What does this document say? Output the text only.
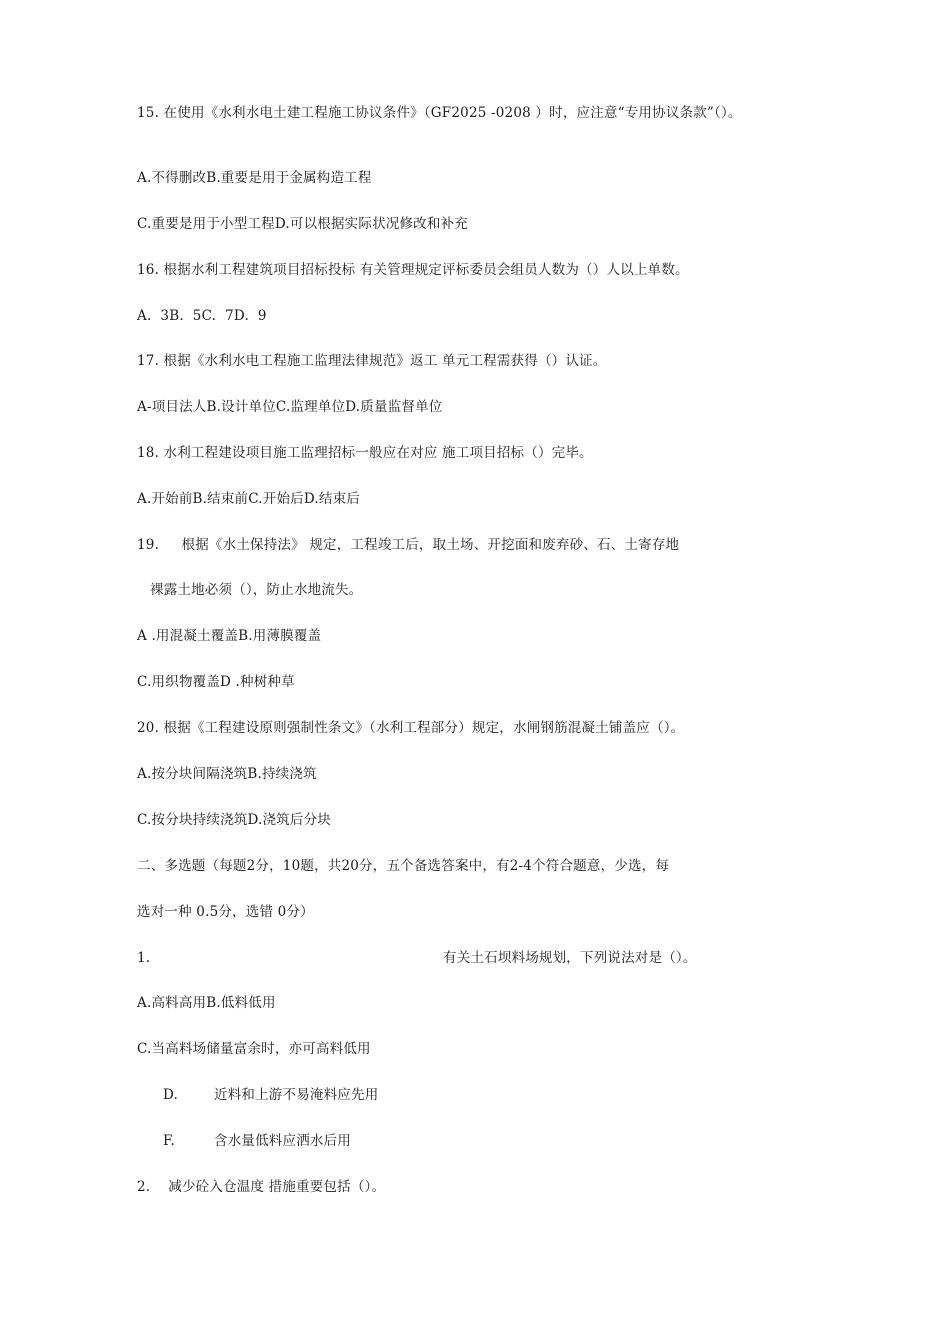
15. 在使用《水利水电土建工程施工协议条件》（GF2025 -0208 ）时，应注意“专用协议条款”（）。
A.不得删改B.重要是用于金属构造工程
C.重要是用于小型工程D.可以根据实际状况修改和补充
16. 根据水利工程建筑项目招标投标 有关管理规定评标委员会组员人数为（）人以上单数。
A.  3B.  5C.  7D.  9
17. 根据《水利水电工程施工监理法律规范》返工 单元工程需获得（）认证。
A-项目法人B.设计单位C.监理单位D.质量监督单位
18. 水利工程建设项目施工监理招标一般应在对应 施工项目招标（）完毕。
A.开始前B.结束前C.开始后D.结束后
19.     根据《水土保持法》 规定，工程竣工后，取土场、开挖面和废弃砂、石、土寄存地
裸露土地必须（），防止水地流失。
A .用混凝土覆盖B.用薄膜覆盖
C.用织物覆盖D .种树种草
20. 根据《工程建设原则强制性条文》（水利工程部分）规定，水闸钢筋混凝土铺盖应（）。
A.按分块间隔浇筑B.持续浇筑
C.按分块持续浇筑D.浇筑后分块
二、多选题（每题2分，10题，共20分，五个备选答案中，有2-4个符合题意，少选，每
选对一种 0.5分，选错 0分）
1.	有关土石坝料场规划，下列说法对是（）。
A.高料高用B.低料低用
C.当高料场储量富余时，亦可高料低用
D.	近料和上游不易淹料应先用
F.	含水量低料应洒水后用
2.    减少砼入仓温度 措施重要包括（）。
